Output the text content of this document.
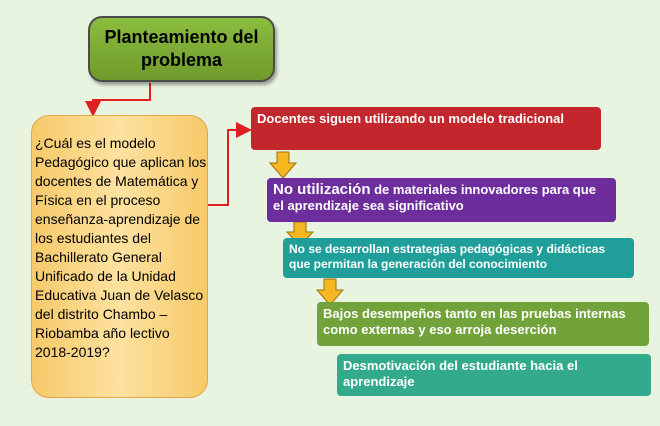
Planteamiento del problema
¿Cuál es el modelo Pedagógico que aplican los docentes de Matemática y Física en el proceso enseñanza-aprendizaje de los estudiantes del Bachillerato General Unificado de la Unidad Educativa Juan de Velasco del distrito Chambo – Riobamba año lectivo 2018-2019?
Docentes siguen utilizando un modelo tradicional
No utilización de materiales innovadores para que el aprendizaje sea significativo
No se desarrollan estrategias pedagógicas y didácticas que permitan la generación del conocimiento
Bajos desempeños tanto en las pruebas internas como externas y eso arroja deserción
Desmotivación del estudiante hacia el aprendizaje
